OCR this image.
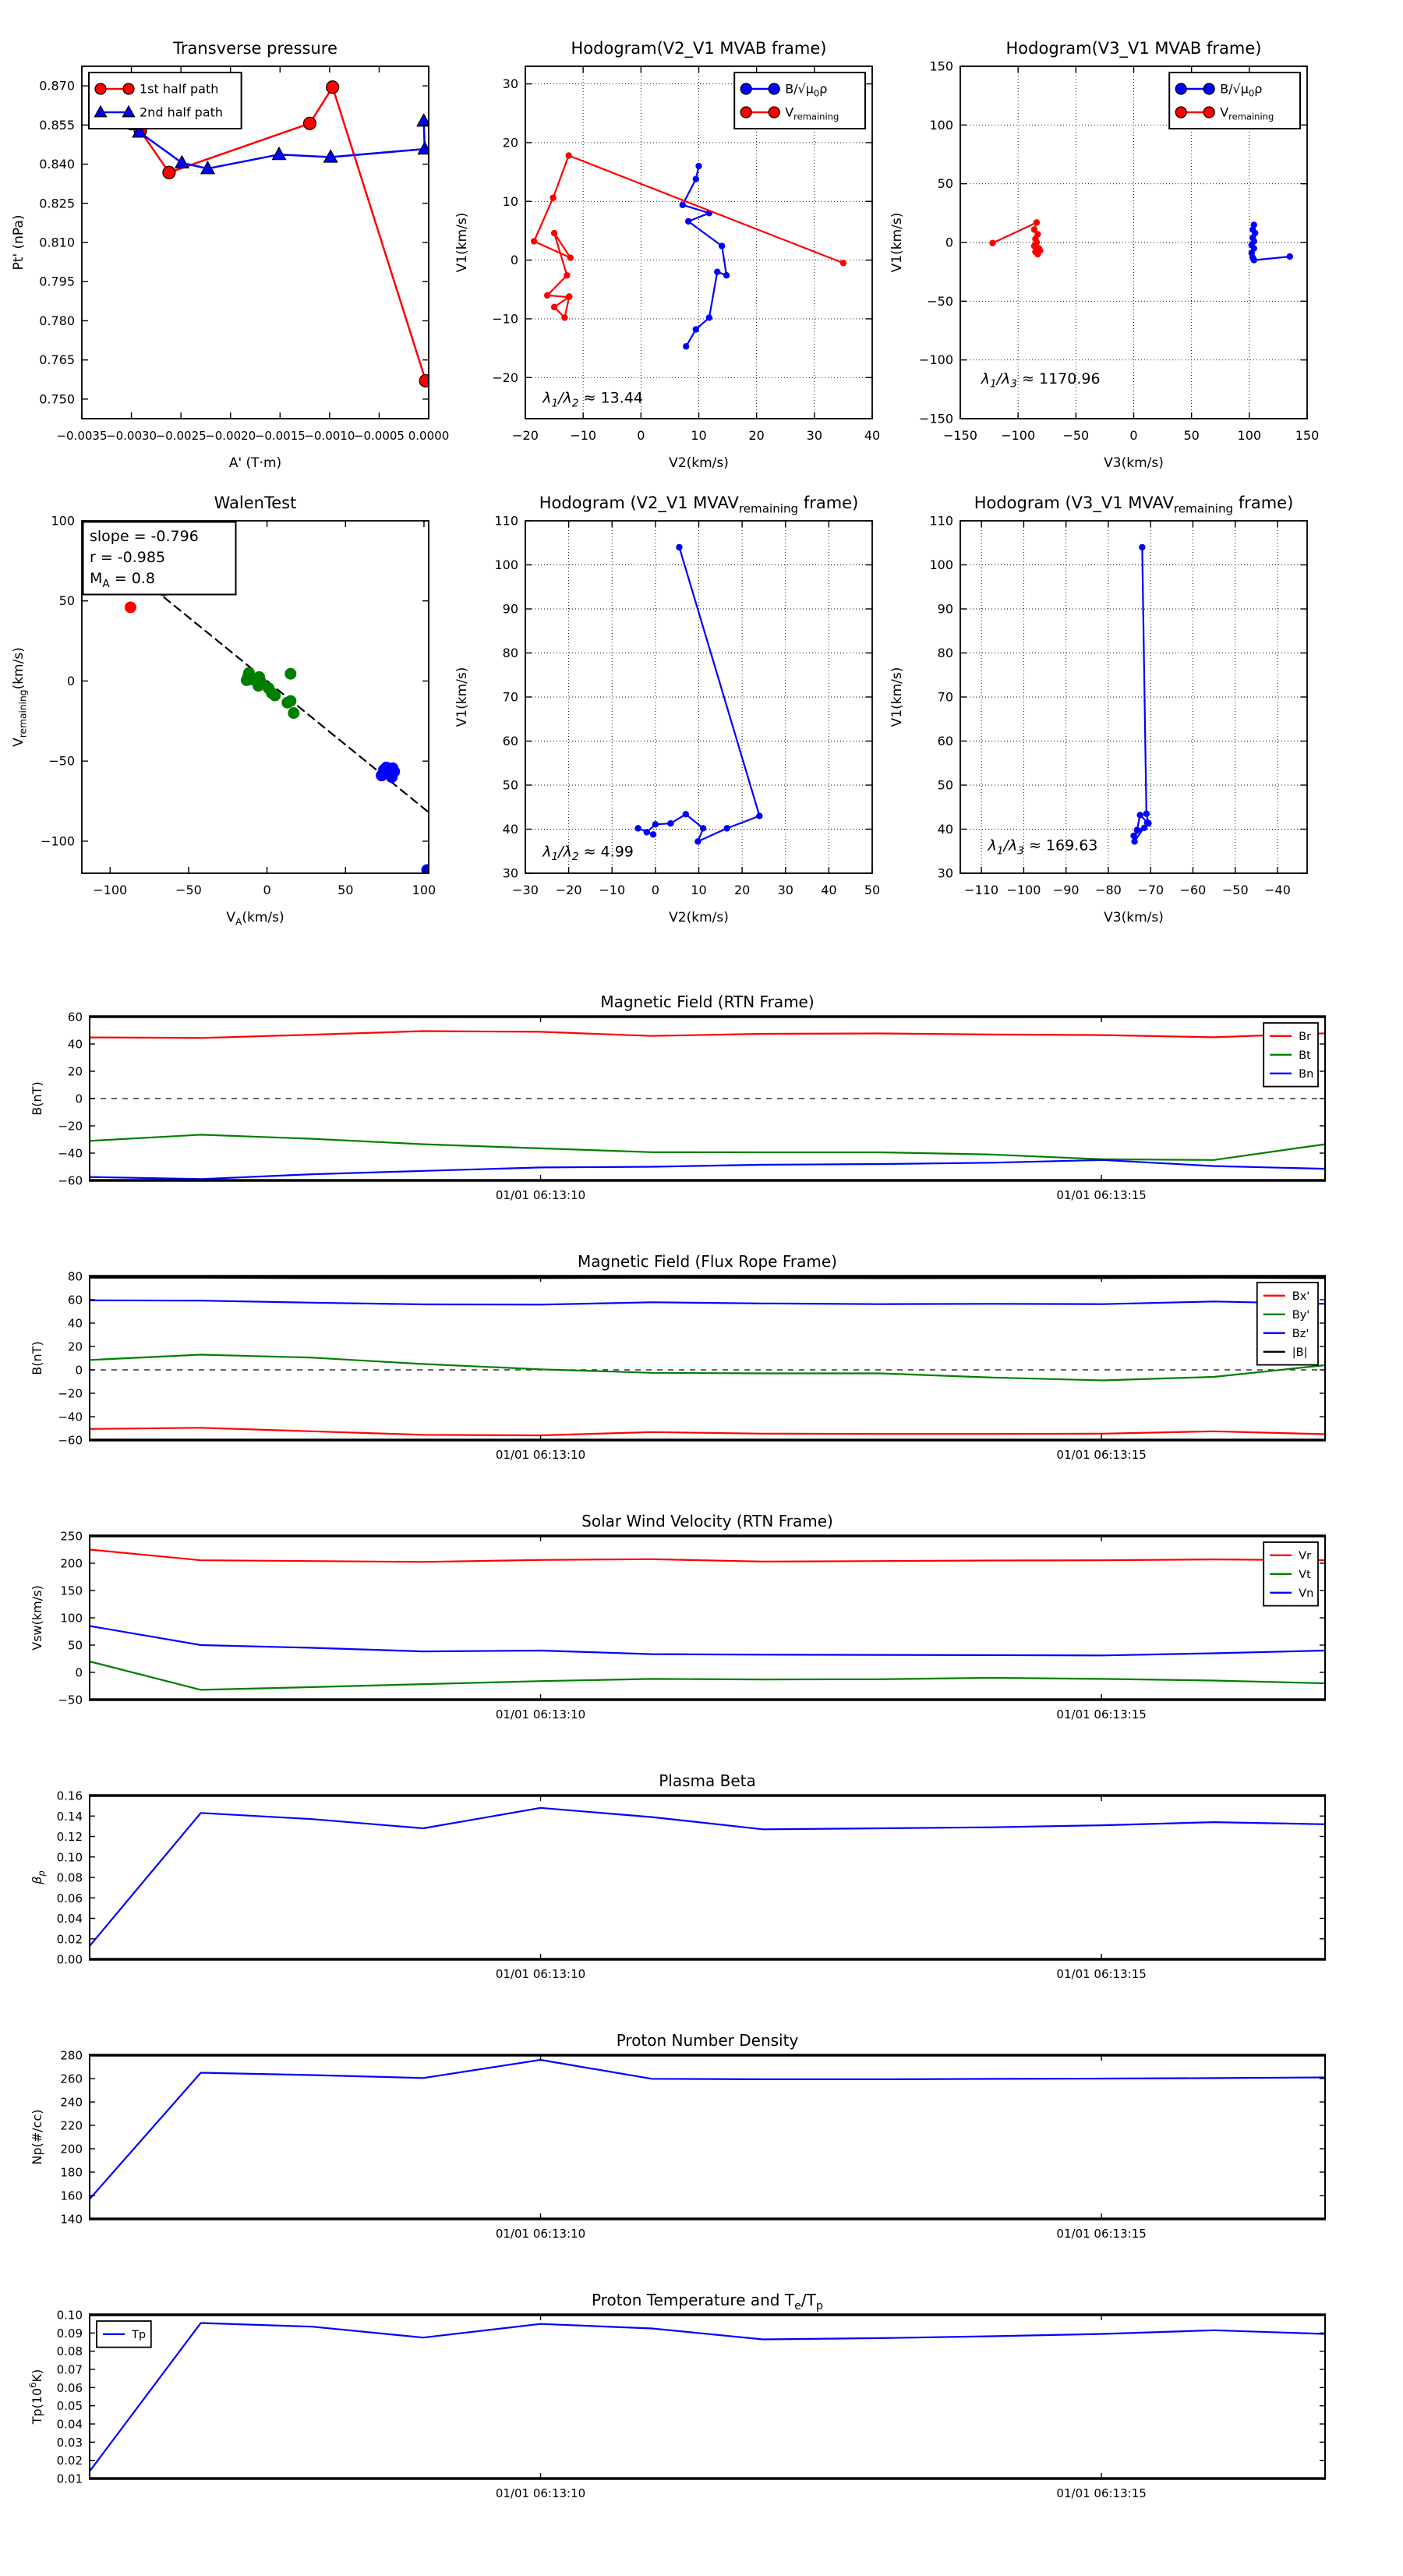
−0.0035
−0.0030
−0.0025
−0.0020
−0.0015
−0.0010
−0.0005 0.0000
0.750
0.765
0.780
0.795
0.810
0.825
0.840
0.855
0.870
Transverse pressure
A' (T·m)
Pt' (nPa)
1st half path
2nd half path
−20	−10	0	10	20	30	40
−20
−10
0
10
20
30
Hodogram(V2_V1 MVAB frame)
V2(km/s)
V1(km/s)
$\lambda_1/\lambda_2 \approx 13.44$
$B/√\mu_0\rho$
$V_{remaining}$
−150 −100 −50	0	50	100	150
−150
−100
−50
0
50
100
150
Hodogram(V3_V1 MVAB frame)
V3(km/s)
V1(km/s)
$\lambda_1/\lambda_3 \approx 1170.96$
$B/√\mu_0\rho$
$V_{remaining}$
−100	−50	0	50	100
−100
−50
0
50
100
WalenTest
$V_A(km/s)$
$V_{remaining}(km/s)$
slope = -0.796
r = -0.985
$M_A = 0.8$
−30 −20 −10 0	10 20 30 40 50
30
40
50
60
70
80
90
100
110
Hodogram (V2_V1 $MVAV_{remaining}$ frame)
V2(km/s)
V1(km/s)
$\lambda_1/\lambda_2 \approx 4.99$
−110 −100 −90 −80 −70 −60 −50 −40
30
40
50
60
70
80
90
100
110
Hodogram (V3_V1 $MVAV_{remaining}$ frame)
V3(km/s)
V1(km/s)
$\lambda_1/\lambda_3 \approx 169.63$
01/01 06:13:10	01/01 06:13:15
−60
−40
−20
0
20
40
60
Magnetic Field (RTN Frame)
B(nT)
Br
Bt
Bn
01/01 06:13:10	01/01 06:13:15
−60
−40
−20
0
20
40
60
80
Magnetic Field (Flux Rope Frame)
B(nT)
Bx'
By'
Bz'
|B|
01/01 06:13:10	01/01 06:13:15
−50
0
50
100
150
200
250
Solar Wind Velocity (RTN Frame)
Vsw(km/s)
Vr
Vt
Vn
01/01 06:13:10	01/01 06:13:15
0.00
0.02
0.04
0.06
0.08
0.10
0.12
0.14
0.16
Plasma Beta
$\beta_p$
01/01 06:13:10	01/01 06:13:15
140
160
180
200
220
240
260
280
Proton Number Density
Np(#/cc)
01/01 06:13:10	01/01 06:13:15
0.01
0.02
0.03
0.04
0.05
0.06
0.07
0.08
0.09
0.10
Proton Temperature and $T_e/T_p$
$Tp(10^6K)$
Tp
